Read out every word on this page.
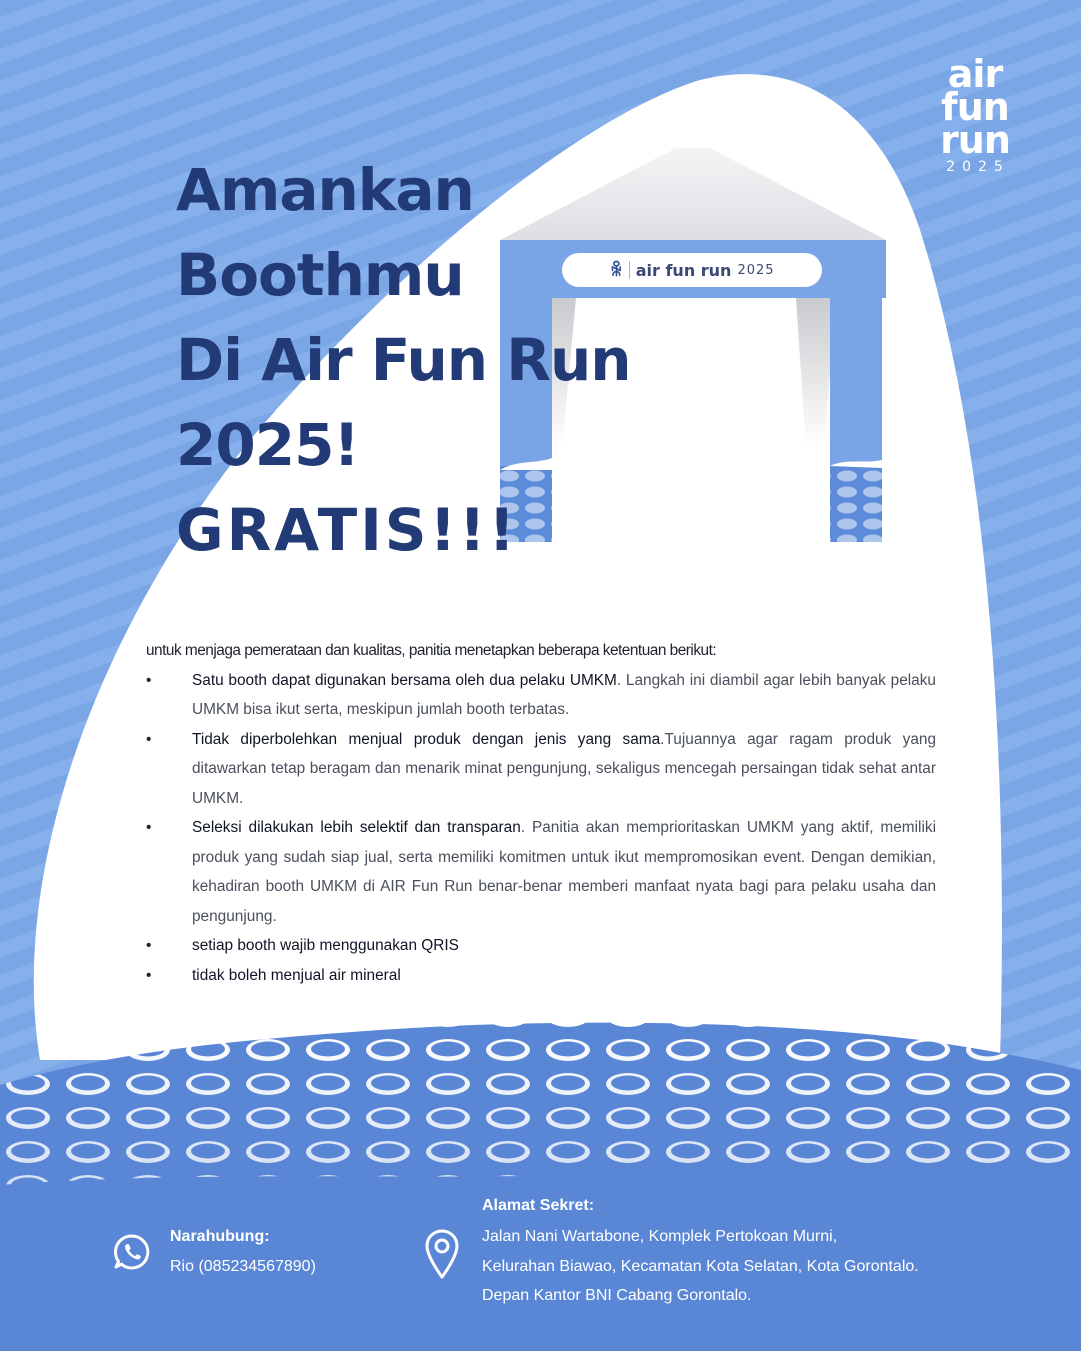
air
fun
run
2025
ꆜ air fun run 2025
Amankan
Boothmu
Di Air Fun Run
2025!
GRATIS!!!

untuk menjaga pemerataan dan kualitas, panitia menetapkan beberapa ketentuan berikut:

•	Satu booth dapat digunakan bersama oleh dua pelaku UMKM. Langkah ini diambil agar lebih banyak pelaku UMKM bisa ikut serta, meskipun jumlah booth terbatas.
•	Tidak diperbolehkan menjual produk dengan jenis yang sama.Tujuannya agar ragam produk yang ditawarkan tetap beragam dan menarik minat pengunjung, sekaligus mencegah persaingan tidak sehat antar UMKM.
•	Seleksi dilakukan lebih selektif dan transparan. Panitia akan memprioritaskan UMKM yang aktif, memiliki produk yang sudah siap jual, serta memiliki komitmen untuk ikut mempromosikan event. Dengan demikian, kehadiran booth UMKM di AIR Fun Run benar-benar memberi manfaat nyata bagi para pelaku usaha dan pengunjung.
•	setiap booth wajib menggunakan QRIS
•	tidak boleh menjual air mineral
Narahubung:
Rio (085234567890)
Alamat Sekret:
Jalan Nani Wartabone, Komplek Pertokoan Murni,
Kelurahan Biawao, Kecamatan Kota Selatan, Kota Gorontalo.
Depan Kantor BNI Cabang Gorontalo.
